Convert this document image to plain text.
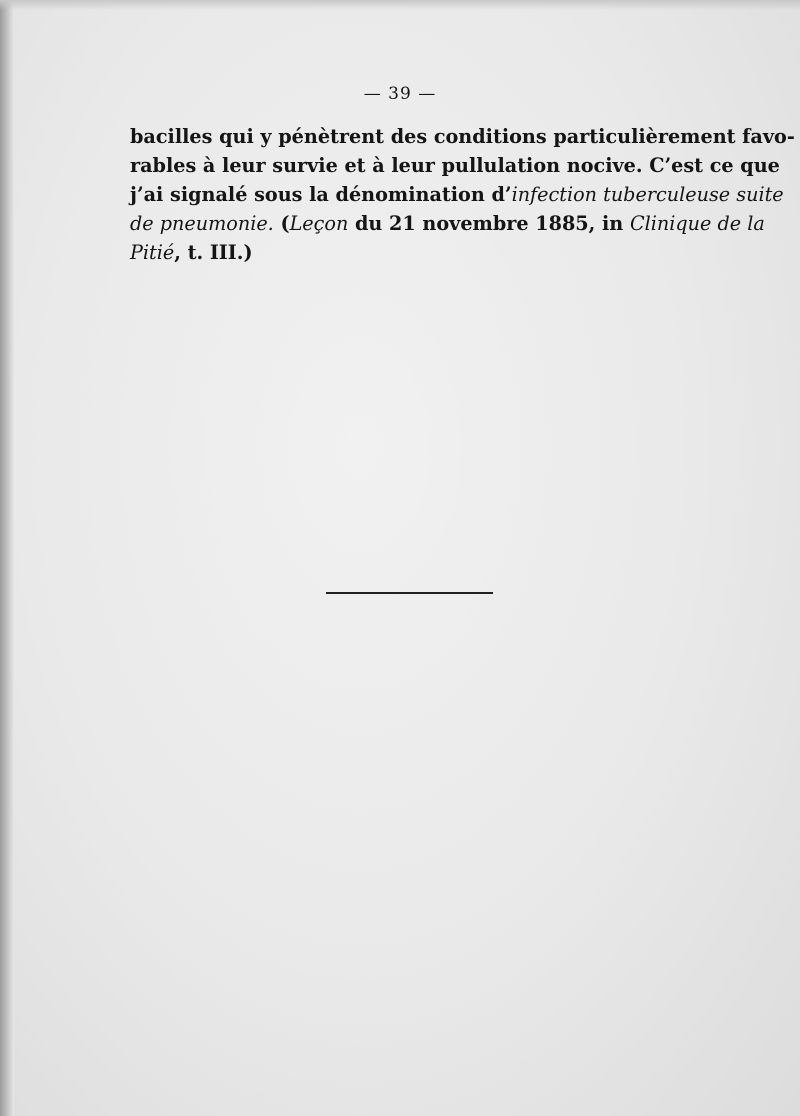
— 39 —
bacilles qui y pénètrent des conditions particulièrement favo-
rables à leur survie et à leur pullulation nocive. C’est ce que
j’ai signalé sous la dénomination d’infection tuberculeuse suite
de pneumonie. (Leçon du 21 novembre 1885, in Clinique de la
Pitié, t. III.)
